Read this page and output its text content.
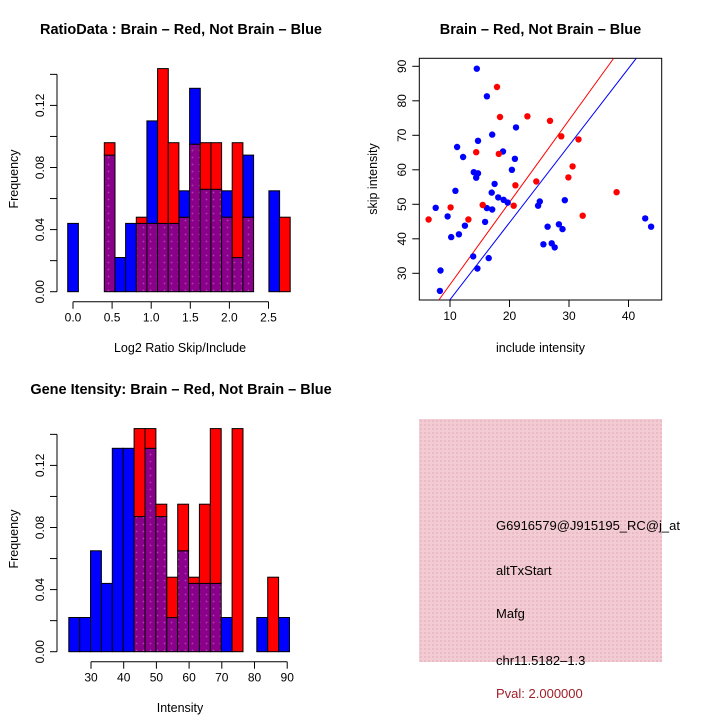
0.0 0.5 1.0 1.5 2.0 2.5
0.00
0.04
0.08
0.12
RatioData : Brain – Red, Not Brain – Blue
Log2 Ratio Skip/Include
Frequency
10	20	30	40
30
40
50
60
70
80
90
Brain – Red, Not Brain – Blue
include intensity
skip intensity
30 40 50 60 70 80 90
0.00
0.04
0.08
0.12
Gene Itensity: Brain – Red, Not Brain – Blue
Intensity
Frequency	G6916579@J915195_RC@j_at
altTxStart
Mafg
chr11.5182–1.3
Pval: 2.000000
